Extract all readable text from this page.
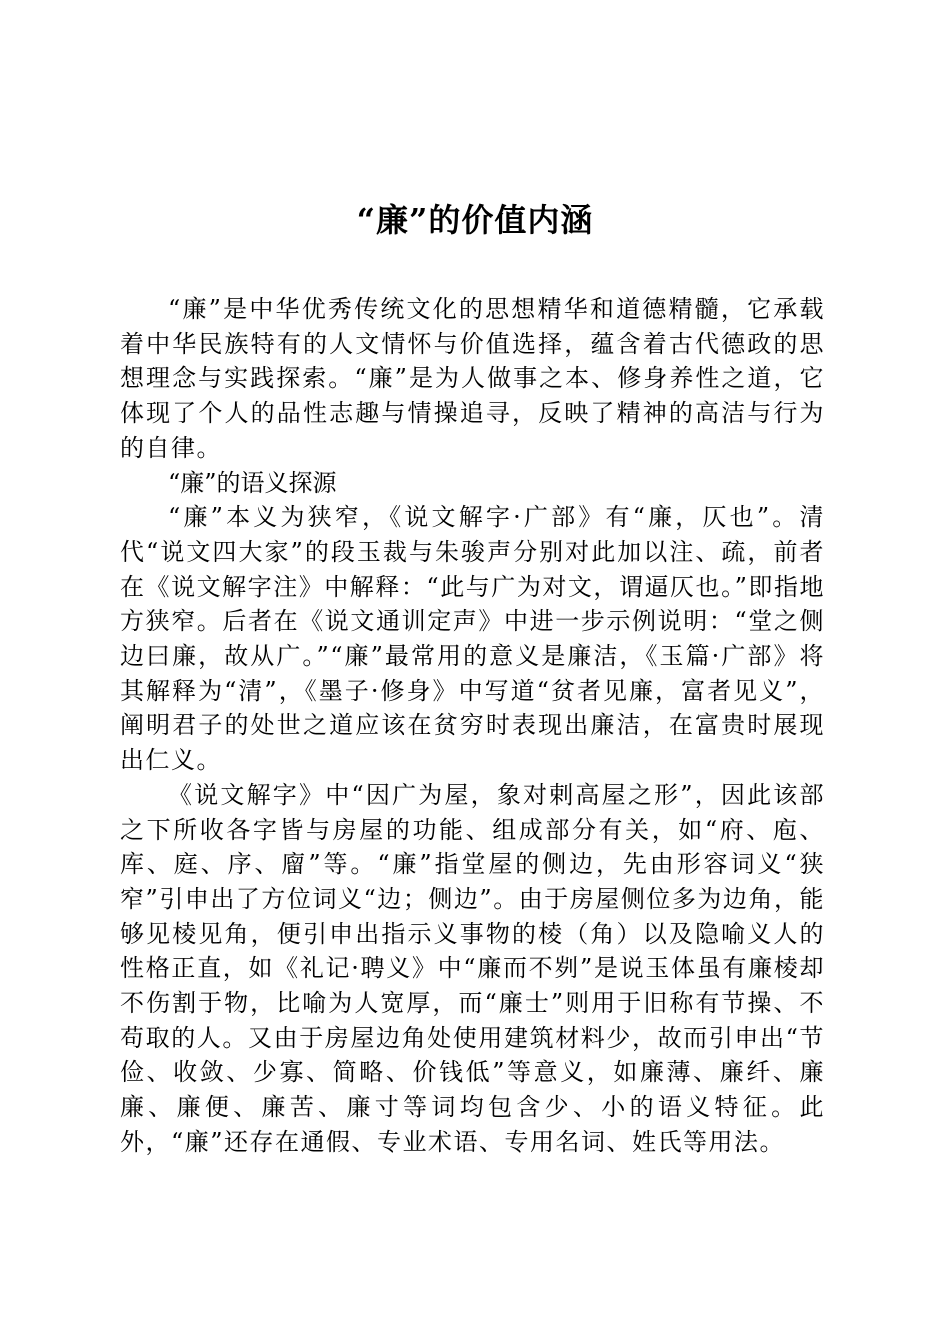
“廉”的价值内涵

“廉”是中华优秀传统文化的思想精华和道德精髓，它承载着中华民族特有的人文情怀与价值选择，蕴含着古代德政的思想理念与实践探索。“廉”是为人做事之本、修身养性之道，它体现了个人的品性志趣与情操追寻，反映了精神的高洁与行为的自律。

“廉”的语义探源

“廉”本义为狭窄，《说文解字·广部》有“廉，仄也”。清代“说文四大家”的段玉裁与朱骏声分别对此加以注、疏，前者在《说文解字注》中解释：“此与广为对文，谓逼仄也。”即指地方狭窄。后者在《说文通训定声》中进一步示例说明：“堂之侧边曰廉，故从广。”“廉”最常用的意义是廉洁，《玉篇·广部》将其解释为“清”，《墨子·修身》中写道“贫者见廉，富者见义”，阐明君子的处世之道应该在贫穷时表现出廉洁，在富贵时展现出仁义。

《说文解字》中“因广为屋，象对剌高屋之形”，因此该部之下所收各字皆与房屋的功能、组成部分有关，如“府、庖、库、庭、序、廇”等。“廉”指堂屋的侧边，先由形容词义“狭窄”引申出了方位词义“边；侧边”。由于房屋侧位多为边角，能够见棱见角，便引申出指示义事物的棱（角）以及隐喻义人的性格正直，如《礼记·聘义》中“廉而不刿”是说玉体虽有廉棱却不伤割于物，比喻为人宽厚，而“廉士”则用于旧称有节操、不苟取的人。又由于房屋边角处使用建筑材料少，故而引申出“节俭、收敛、少寡、简略、价钱低”等意义，如廉薄、廉纤、廉廉、廉便、廉苦、廉寸等词均包含少、小的语义特征。此外，“廉”还存在通假、专业术语、专用名词、姓氏等用法。
